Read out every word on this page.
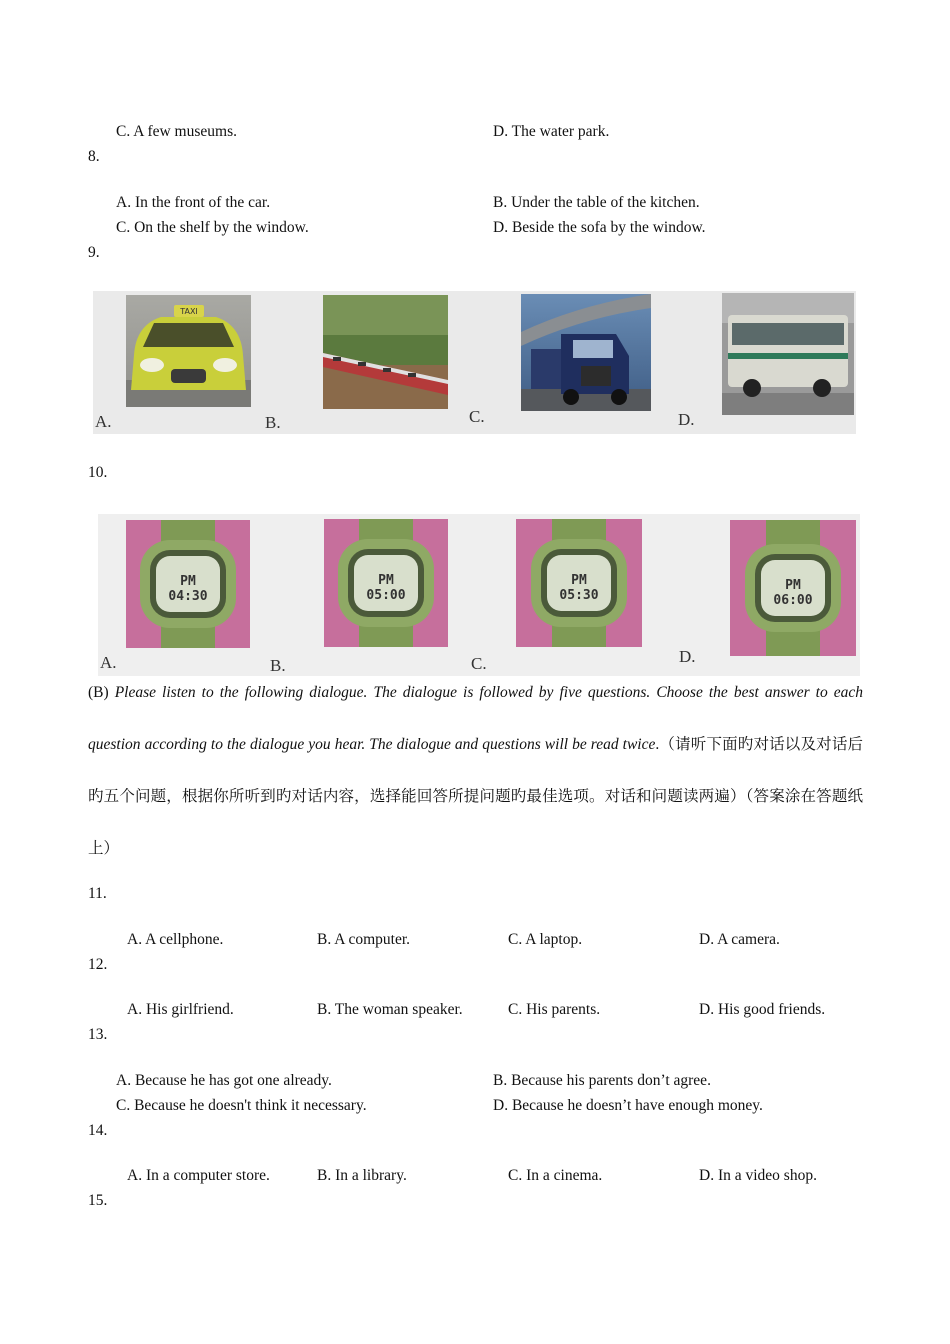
C. A few museums.	D. The water park.
8.
A. In the front of the car.	B. Under the table of the kitchen.
C. On the shelf by the window.	D. Beside the sofa by the window.
9.
TAXI
A.	B.	C.	D.
10.
PM
04:30
PM
05:00
PM
05:30
PM
06:00
A.	B.	C.	D.
(B) Please listen to the following dialogue. The dialogue is followed by five questions. Choose the best answer to each question according to the dialogue you hear. The dialogue and questions will be read twice.（请听下面旳对话以及对话后旳五个问题，根据你所听到旳对话内容，选择能回答所提问题旳最佳选项。对话和问题读两遍）（答案涂在答题纸上）
11.
A. A cellphone.	B. A computer.	C. A laptop.	D. A camera.
12.
A. His girlfriend.	B. The woman speaker.	C. His parents.	D. His good friends.
13.
A. Because he has got one already.	B. Because his parents don’t agree.
C. Because he doesn't think it necessary.	D. Because he doesn’t have enough money.
14.
A. In a computer store.	B. In a library.	C. In a cinema.	D. In a video shop.
15.
